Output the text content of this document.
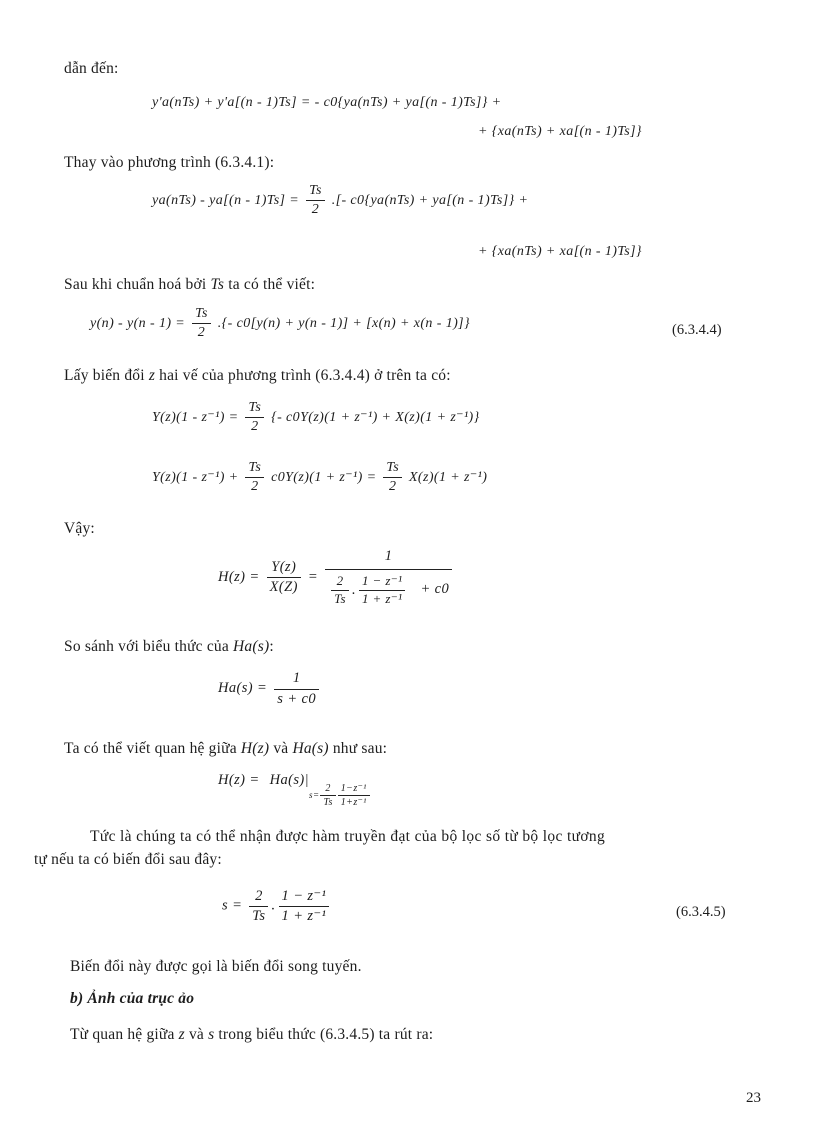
dẫn đến:
y'a(nTs) + y'a[(n - 1)Ts] = - c0{ya(nTs) + ya[(n - 1)Ts]} +
+ {xa(nTs) + xa[(n - 1)Ts]}
Thay vào phương trình (6.3.4.1):
$ya(nTs) - ya[(n - 1)Ts] = \frac{Ts}{2}$ .[- c0{ya(nTs) + ya[(n - 1)Ts]} +
+ {xa(nTs) + xa[(n - 1)Ts]}
Sau khi chuẩn hoá bởi Ts ta có thể viết:
$y(n) - y(n - 1) = \frac{Ts}{2}$ .{- c0[y(n) + y(n - 1)] + [x(n) + x(n - 1)]}	(6.3.4.4)
Lấy biến đổi z hai vế của phương trình (6.3.4.4) ở trên ta có:
$Y(z)(1 - z^{-1}) = \frac{Ts}{2}$ {- c0Y(z)(1 + z⁻¹) + X(z)(1 + z⁻¹)}
$Y(z)(1 - z^{-1}) + \frac{Ts}{2} c0Y(z)(1 + z^{-1}) = \frac{Ts}{2} X(z)(1 + z^{-1})$
Vậy:
$H(z) = \frac{Y(z)}{X(Z)}$ =
1
$\frac{2}{Ts}$ . $\frac{\text{1 − z⁻¹}}{\text{1 + z⁻¹}} + c0$
So sánh với biểu thức của Ha(s):
$Ha(s) = \frac{1}{s + c0}$
Ta có thể viết quan hệ giữa H(z) và Ha(s) như sau:
$H(z) = Ha(s)|_{s= \frac{2}{Ts} \frac{\text{1−z⁻¹}}{\text{1+z⁻¹}}}$
Tức là chúng ta có thể nhận được hàm truyền đạt của bộ lọc số từ bộ lọc tương
tự nếu ta có biến đổi sau đây:
$s = \frac{2}{Ts}$ . $\frac{\text{1 − z⁻¹}}{\text{1 + z⁻¹}}$	(6.3.4.5)
Biến đổi này được gọi là biến đổi song tuyến.
b) Ảnh của trục ảo
Từ quan hệ giữa z và s trong biểu thức (6.3.4.5) ta rút ra:
23
